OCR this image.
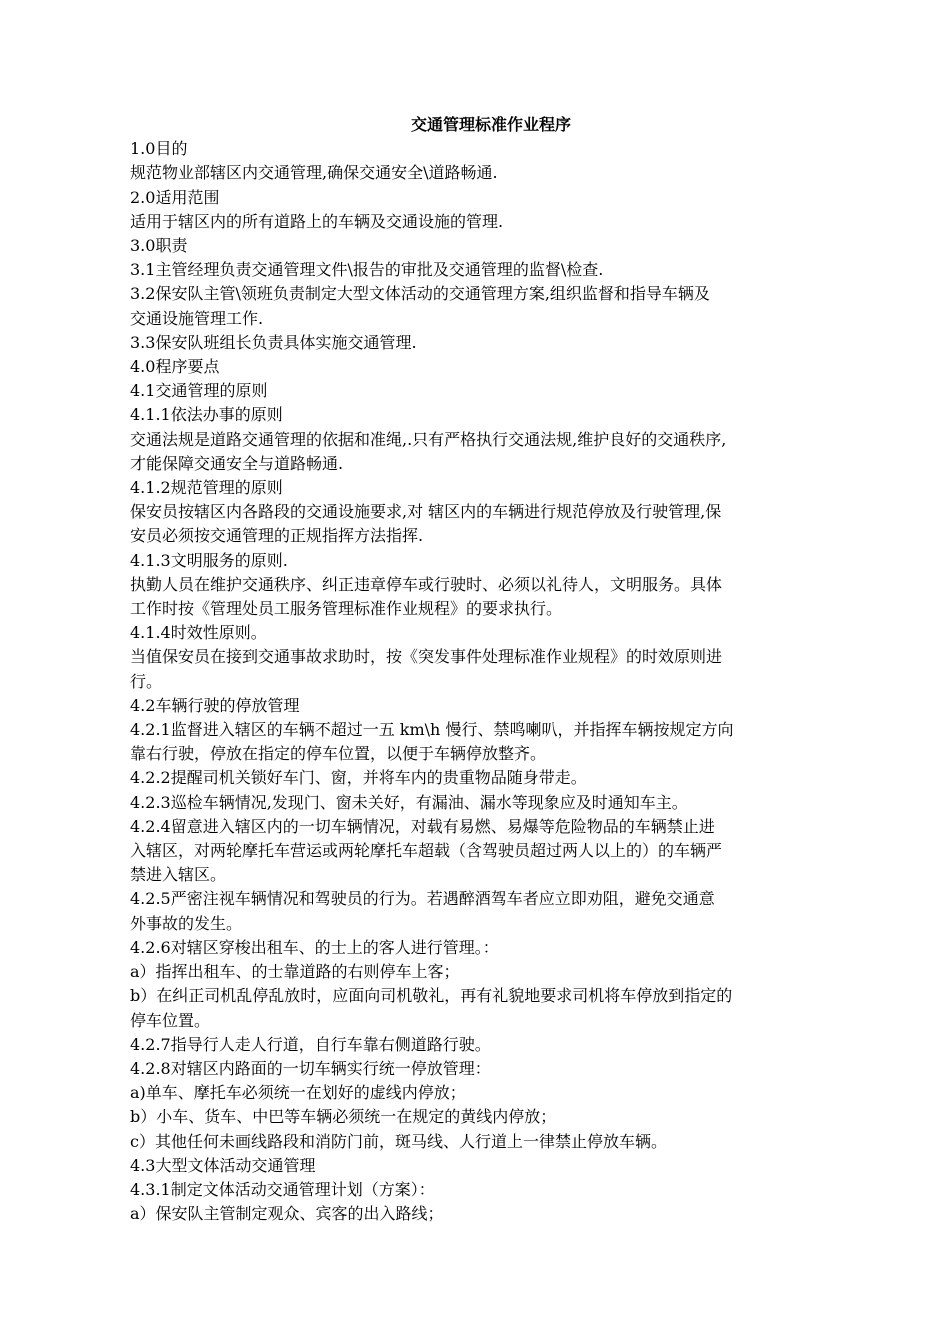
交通管理标准作业程序
1.0目的
规范物业部辖区内交通管理,确保交通安全\道路畅通.
2.0适用范围
适用于辖区内的所有道路上的车辆及交通设施的管理.
3.0职责
3.1主管经理负责交通管理文件\报告的审批及交通管理的监督\检查.
3.2保安队主管\领班负责制定大型文体活动的交通管理方案,组织监督和指导车辆及
交通设施管理工作.
3.3保安队班组长负责具体实施交通管理.
4.0程序要点
4.1交通管理的原则
4.1.1依法办事的原则
交通法规是道路交通管理的依据和准绳,.只有严格执行交通法规,维护良好的交通秩序,
才能保障交通安全与道路畅通.
4.1.2规范管理的原则
保安员按辖区内各路段的交通设施要求,对 辖区内的车辆进行规范停放及行驶管理,保
安员必须按交通管理的正规指挥方法指挥.
4.1.3文明服务的原则.
执勤人员在维护交通秩序、纠正违章停车或行驶时、必须以礼待人，文明服务。具体
工作时按《管理处员工服务管理标准作业规程》的要求执行。
4.1.4时效性原则。
当值保安员在接到交通事故求助时，按《突发事件处理标准作业规程》的时效原则进
行。
4.2车辆行驶的停放管理
4.2.1监督进入辖区的车辆不超过一五 km\h 慢行、禁鸣喇叭，并指挥车辆按规定方向
靠右行驶，停放在指定的停车位置，以便于车辆停放整齐。
4.2.2提醒司机关锁好车门、窗，并将车内的贵重物品随身带走。
4.2.3巡检车辆情况,发现门、窗未关好，有漏油、漏水等现象应及时通知车主。
4.2.4留意进入辖区内的一切车辆情况，对载有易燃、易爆等危险物品的车辆禁止进
入辖区，对两轮摩托车营运或两轮摩托车超载（含驾驶员超过两人以上的）的车辆严
禁进入辖区。
4.2.5严密注视车辆情况和驾驶员的行为。若遇醉酒驾车者应立即劝阻，避免交通意
外事故的发生。
4.2.6对辖区穿梭出租车、的士上的客人进行管理。：
a）指挥出租车、的士靠道路的右则停车上客；
b）在纠正司机乱停乱放时，应面向司机敬礼，再有礼貌地要求司机将车停放到指定的
停车位置。
4.2.7指导行人走人行道，自行车靠右侧道路行驶。
4.2.8对辖区内路面的一切车辆实行统一停放管理：
a)单车、摩托车必须统一在划好的虚线内停放；
b）小车、货车、中巴等车辆必须统一在规定的黄线内停放；
c）其他任何未画线路段和消防门前，斑马线、人行道上一律禁止停放车辆。
4.3大型文体活动交通管理
4.3.1制定文体活动交通管理计划（方案）：
a）保安队主管制定观众、宾客的出入路线；
